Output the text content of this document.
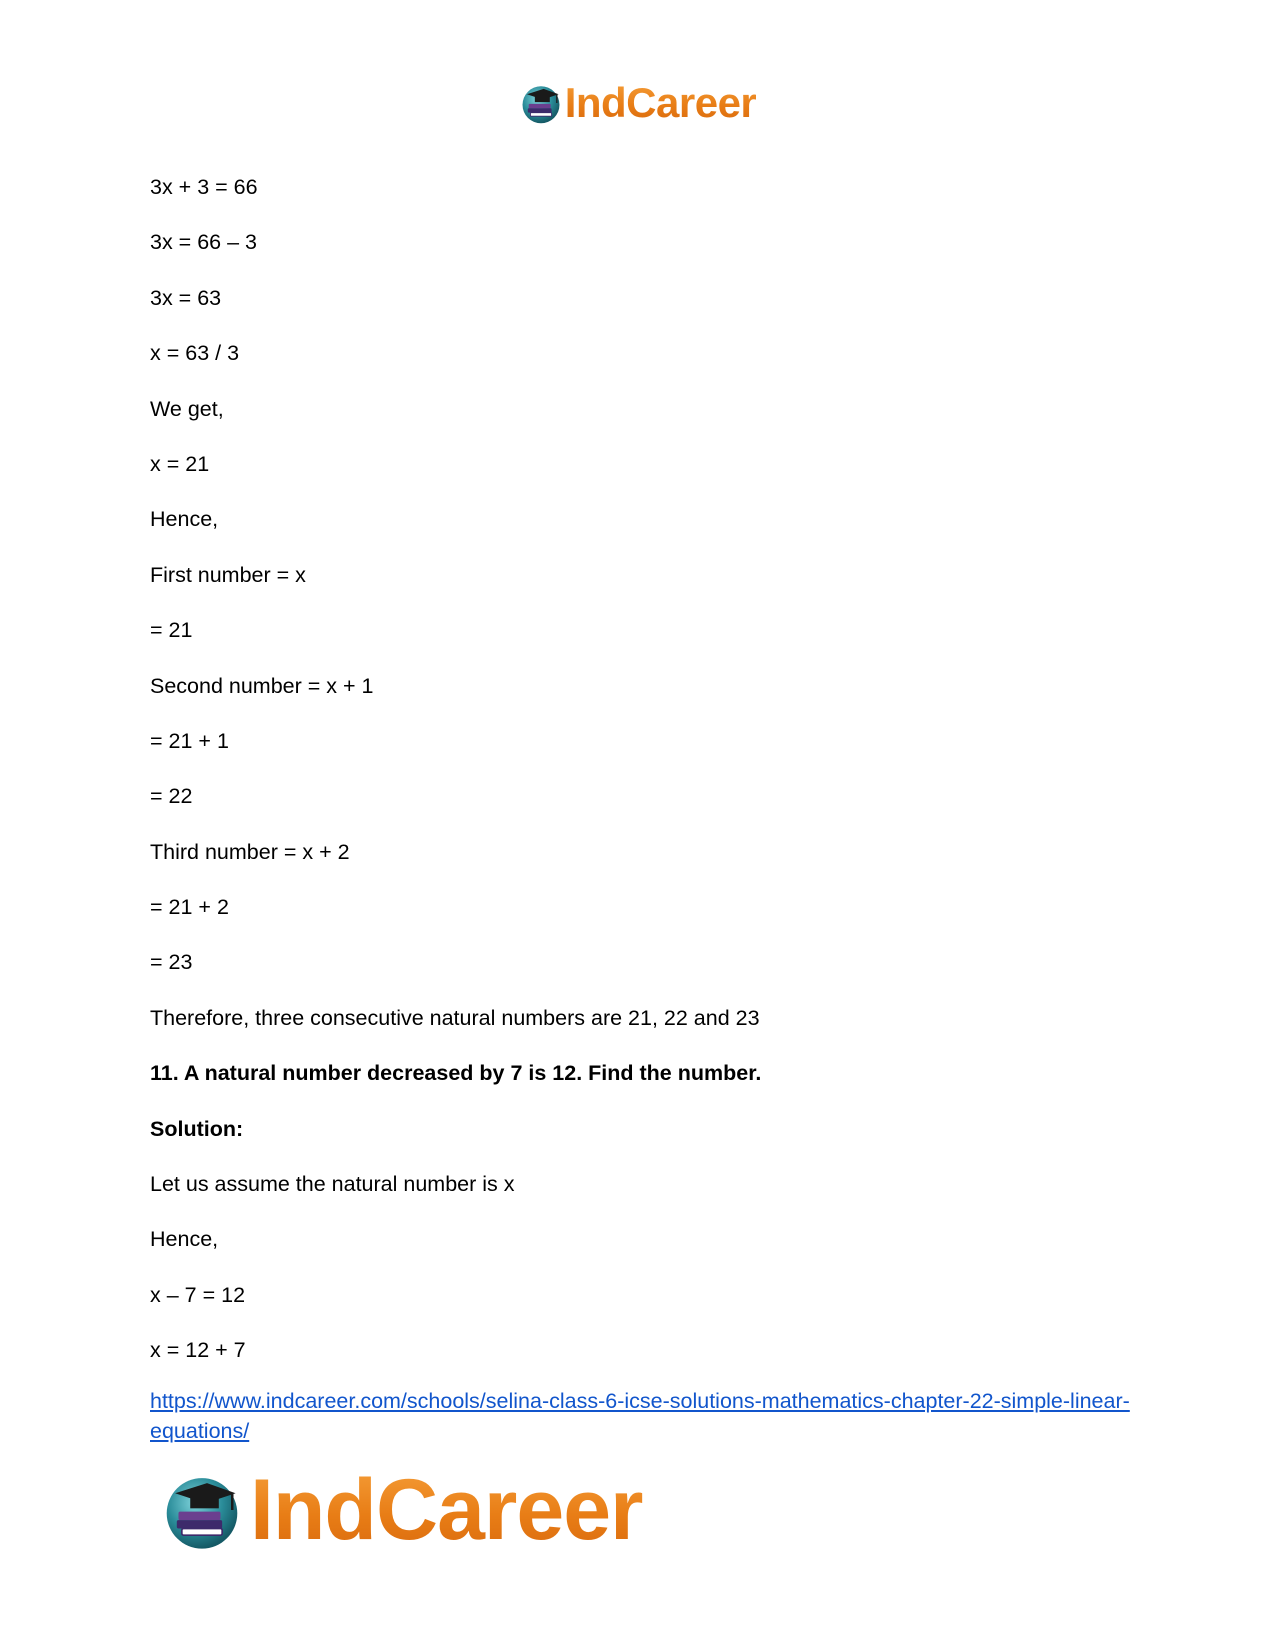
IndCareer
3x + 3 = 66
3x = 66 – 3
3x = 63
x = 63 / 3
We get,
x = 21
Hence,
First number = x
= 21
Second number = x + 1
= 21 + 1
= 22
Third number = x + 2
= 21 + 2
= 23
Therefore, three consecutive natural numbers are 21, 22 and 23
11. A natural number decreased by 7 is 12. Find the number.
Solution:
Let us assume the natural number is x
Hence,
x – 7 = 12
x = 12 + 7
https://www.indcareer.com/schools/selina-class-6-icse-solutions-mathematics-chapter-22-simple-linear-equations/
IndCareer
